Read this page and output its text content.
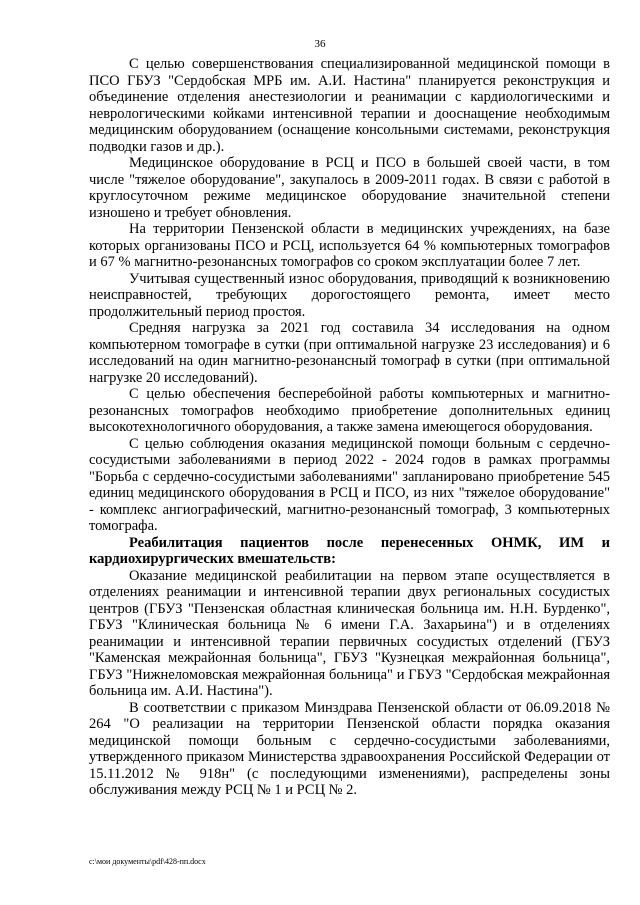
36

С целью совершенствования специализированной медицинской помощи в ПСО ГБУЗ "Сердобская МРБ им. А.И. Настина" планируется реконструкция и объединение отделения анестезиологии и реанимации с кардиологическими и неврологическими койками интенсивной терапии и дооснащение необходимым медицинским оборудованием (оснащение консольными системами, реконструкция подводки газов и др.).

Медицинское оборудование в РСЦ и ПСО в большей своей части, в том числе "тяжелое оборудование", закупалось в 2009-2011 годах. В связи с работой в круглосуточном режиме медицинское оборудование значительной степени изношено и требует обновления.

На территории Пензенской области в медицинских учреждениях, на базе которых организованы ПСО и РСЦ, используется 64 % компьютерных томографов и 67 % магнитно-резонансных томографов со сроком эксплуатации более 7 лет.

Учитывая существенный износ оборудования, приводящий к возникновению неисправностей, требующих дорогостоящего ремонта, имеет место продолжительный период простоя.

Средняя нагрузка за 2021 год составила 34 исследования на одном компьютерном томографе в сутки (при оптимальной нагрузке 23 исследования) и 6 исследований на один магнитно-резонансный томограф в сутки (при оптимальной нагрузке 20 исследований).

С целью обеспечения бесперебойной работы компьютерных и магнитно-резонансных томографов необходимо приобретение дополнительных единиц высокотехнологичного оборудования, а также замена имеющегося оборудования.

С целью соблюдения оказания медицинской помощи больным с сердечно-сосудистыми заболеваниями в период 2022 - 2024 годов в рамках программы "Борьба с сердечно-сосудистыми заболеваниями" запланировано приобретение 545 единиц медицинского оборудования в РСЦ и ПСО, из них "тяжелое оборудование" - комплекс ангиографический, магнитно-резонансный томограф, 3 компьютерных томографа.

Реабилитация пациентов после перенесенных ОНМК, ИМ и кардиохирургических вмешательств:

Оказание медицинской реабилитации на первом этапе осуществляется в отделениях реанимации и интенсивной терапии двух региональных сосудистых центров (ГБУЗ "Пензенская областная клиническая больница им. Н.Н. Бурденко", ГБУЗ "Клиническая больница № 6 имени Г.А. Захарьина") и в отделениях реанимации и интенсивной терапии первичных сосудистых отделений (ГБУЗ "Каменская межрайонная больница", ГБУЗ "Кузнецкая межрайонная больница", ГБУЗ "Нижнеломовская межрайонная больница" и ГБУЗ "Сердобская межрайонная больница им. А.И. Настина").

В соответствии с приказом Минздрава Пензенской области от 06.09.2018 № 264 "О реализации на территории Пензенской области порядка оказания медицинской помощи больным с сердечно-сосудистыми заболеваниями, утвержденного приказом Министерства здравоохранения Российской Федерации от 15.11.2012 № 918н" (с последующими изменениями), распределены зоны обслуживания между РСЦ № 1 и РСЦ № 2.

c:\мои документы\pdf\428-пп.docx
